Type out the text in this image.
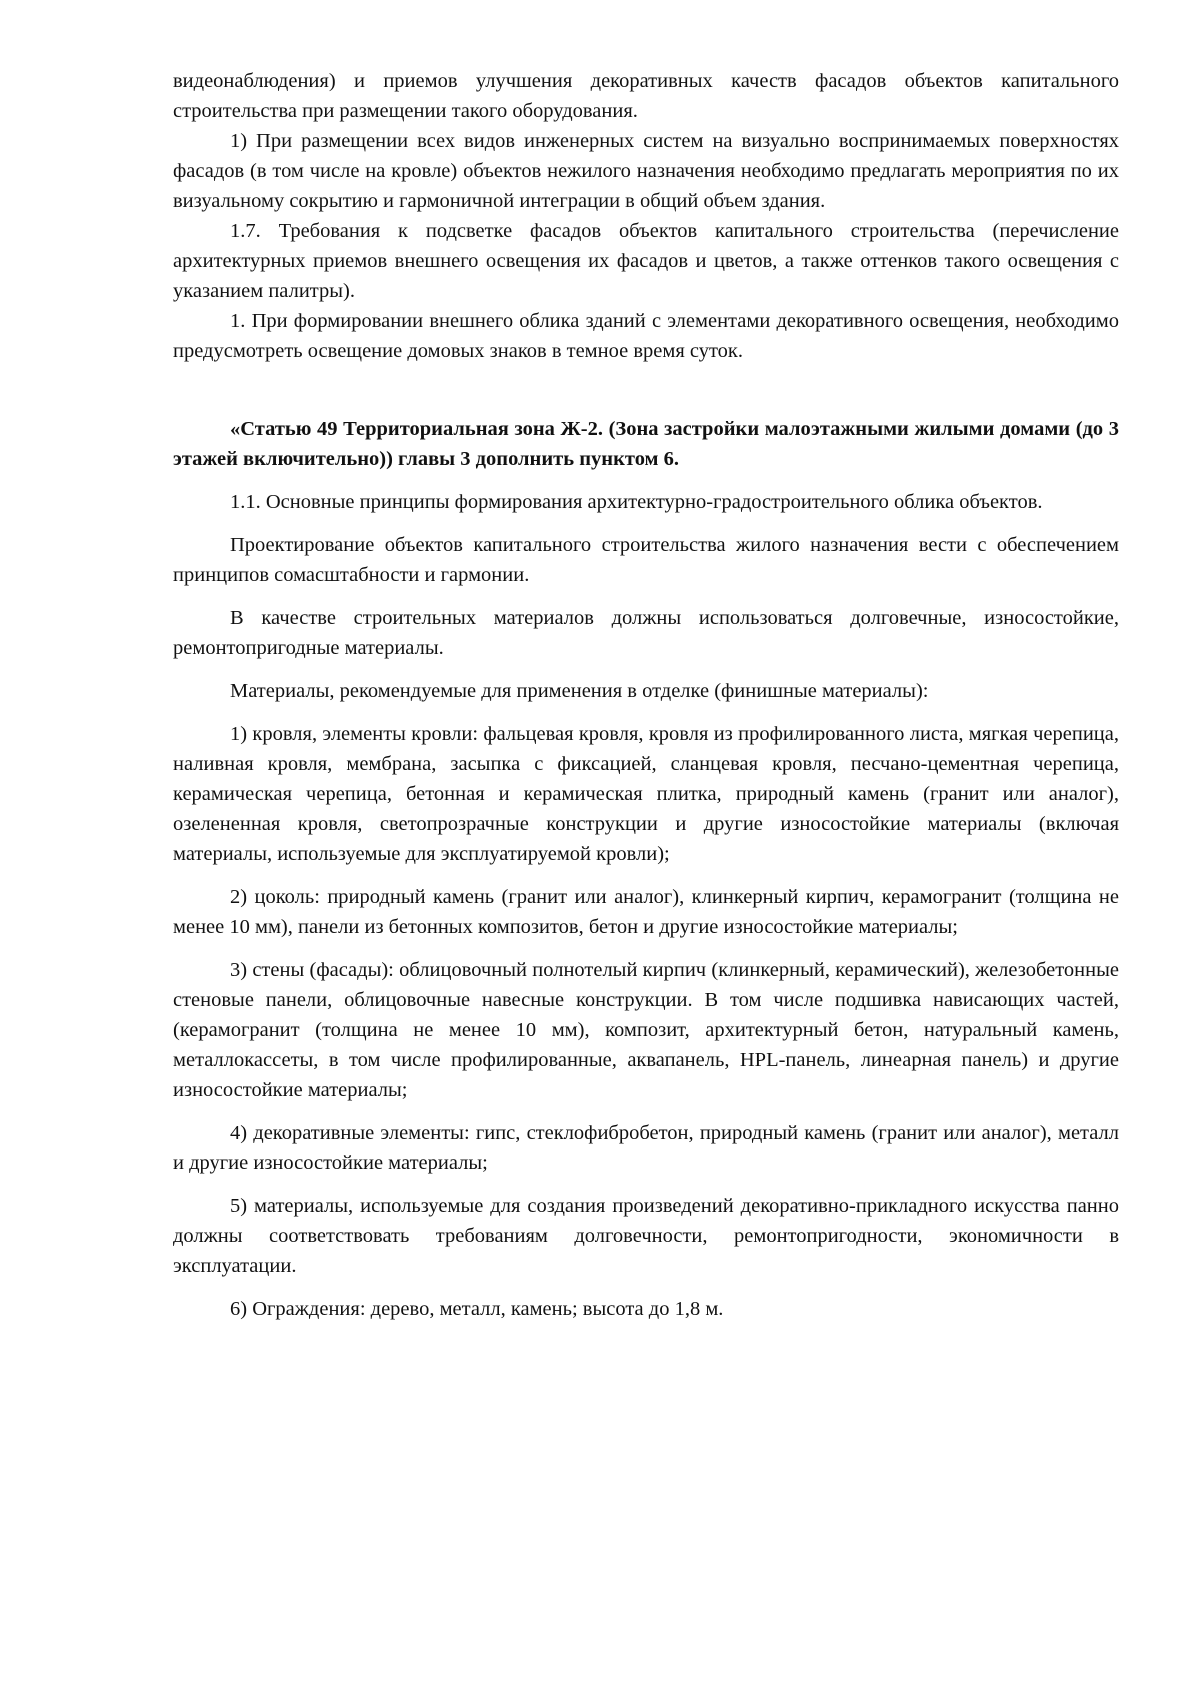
видеонаблюдения) и приемов улучшения декоративных качеств фасадов объектов капитального строительства при размещении такого оборудования.

1) При размещении всех видов инженерных систем на визуально воспринимаемых поверхностях фасадов (в том числе на кровле) объектов нежилого назначения необходимо предлагать мероприятия по их визуальному сокрытию и гармоничной интеграции в общий объем здания.

1.7. Требования к подсветке фасадов объектов капитального строительства (перечисление архитектурных приемов внешнего освещения их фасадов и цветов, а также оттенков такого освещения с указанием палитры).

1. При формировании внешнего облика зданий с элементами декоративного освещения, необходимо предусмотреть освещение домовых знаков в темное время суток.

«Статью 49 Территориальная зона Ж-2. (Зона застройки малоэтажными жилыми домами (до 3 этажей включительно)) главы 3 дополнить пунктом 6.

1.1. Основные принципы формирования архитектурно-градостроительного облика объектов.

Проектирование объектов капитального строительства жилого назначения вести с обеспечением принципов сомасштабности и гармонии.

В качестве строительных материалов должны использоваться долговечные, износостойкие, ремонтопригодные материалы.

Материалы, рекомендуемые для применения в отделке (финишные материалы):

1) кровля, элементы кровли: фальцевая кровля, кровля из профилированного листа, мягкая черепица, наливная кровля, мембрана, засыпка с фиксацией, сланцевая кровля, песчано-цементная черепица, керамическая черепица, бетонная и керамическая плитка, природный камень (гранит или аналог), озелененная кровля, светопрозрачные конструкции и другие износостойкие материалы (включая материалы, используемые для эксплуатируемой кровли);

2) цоколь: природный камень (гранит или аналог), клинкерный кирпич, керамогранит (толщина не менее 10 мм), панели из бетонных композитов, бетон и другие износостойкие материалы;

3) стены (фасады): облицовочный полнотелый кирпич (клинкерный, керамический), железобетонные стеновые панели, облицовочные навесные конструкции. В том числе подшивка нависающих частей, (керамогранит (толщина не менее 10 мм), композит, архитектурный бетон, натуральный камень, металлокассеты, в том числе профилированные, аквапанель, HPL-панель, линеарная панель) и другие износостойкие материалы;

4) декоративные элементы: гипс, стеклофибробетон, природный камень (гранит или аналог), металл и другие износостойкие материалы;

5) материалы, используемые для создания произведений декоративно-прикладного искусства панно должны соответствовать требованиям долговечности, ремонтопригодности, экономичности в эксплуатации.

6) Ограждения: дерево, металл, камень; высота до 1,8 м.
